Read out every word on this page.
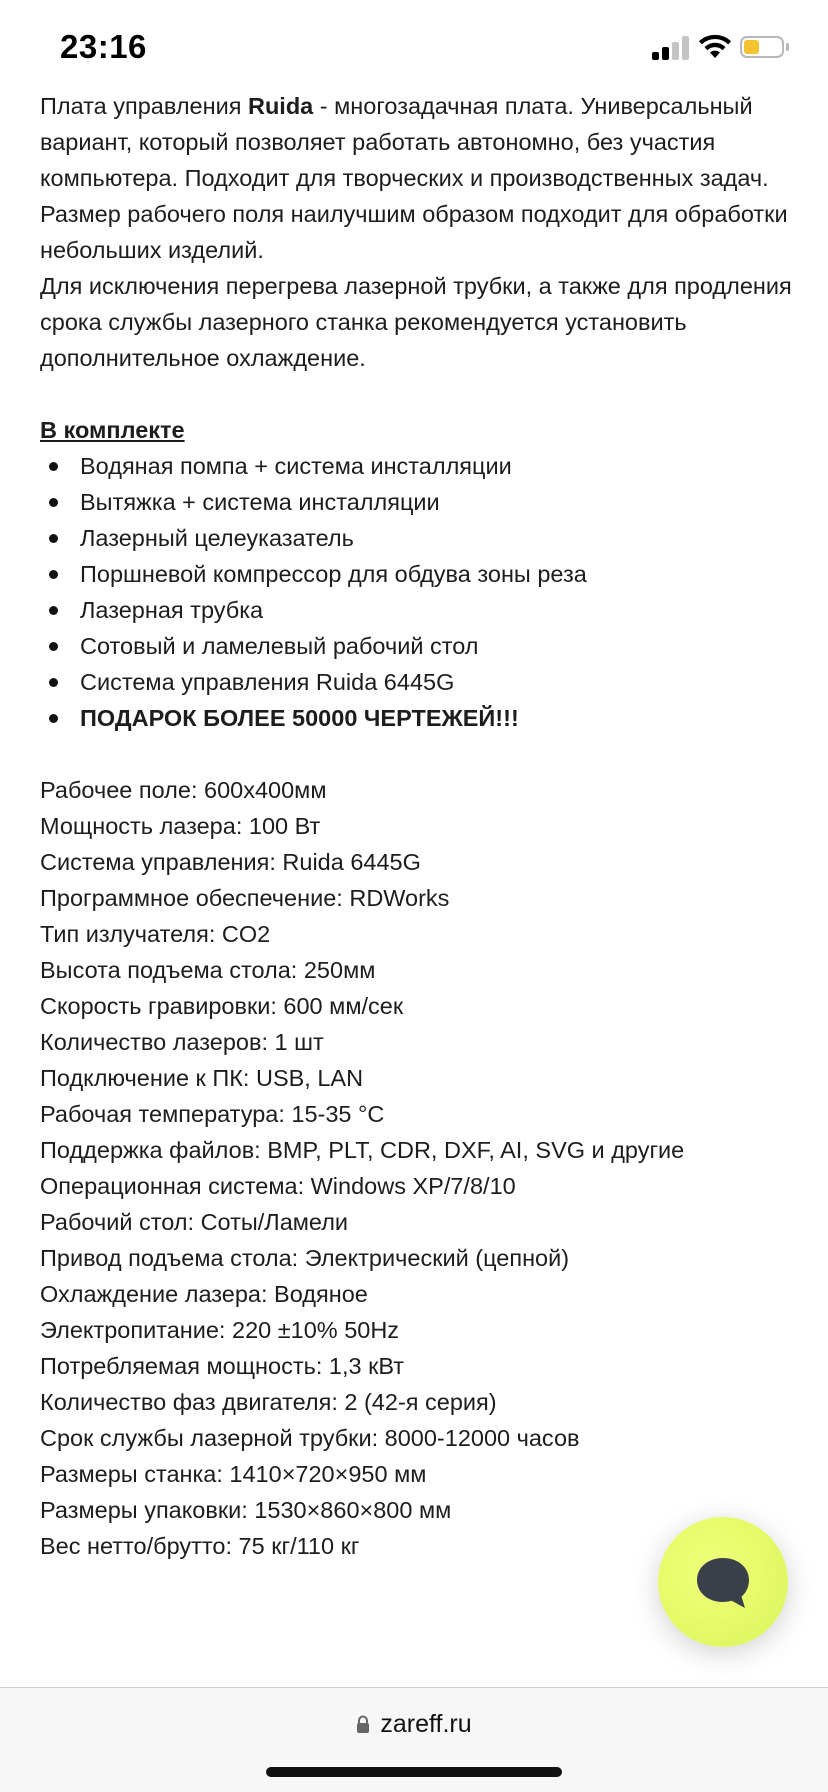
23:16

Плата управления Ruida - многозадачная плата. Универсальный вариант, который позволяет работать автономно, без участия компьютера. Подходит для творческих и производственных задач. Размер рабочего поля наилучшим образом подходит для обработки небольших изделий.

Для исключения перегрева лазерной трубки, а также для продления срока службы лазерного станка рекомендуется установить дополнительное охлаждение.

В комплекте

Водяная помпа + система инсталляции
Вытяжка + система инсталляции
Лазерный целеуказатель
Поршневой компрессор для обдува зоны реза
Лазерная трубка
Сотовый и ламелевый рабочий стол
Система управления Ruida 6445G
ПОДАРОК БОЛЕЕ 50000 ЧЕРТЕЖЕЙ!!!

Рабочее поле: 600х400мм

Мощность лазера: 100 Вт

Система управления: Ruida 6445G

Программное обеспечение: RDWorks

Тип излучателя: CO2

Высота подъема стола: 250мм

Скорость гравировки: 600 мм/сек

Количество лазеров: 1 шт

Подключение к ПК: USB, LAN

Рабочая температура: 15-35 °С

Поддержка файлов: BMP, PLT, CDR, DXF, AI, SVG и другие

Операционная система: Windows XP/7/8/10

Рабочий стол: Соты/Ламели

Привод подъема стола: Электрический (цепной)

Охлаждение лазера: Водяное

Электропитание: 220 ±10% 50Hz

Потребляемая мощность: 1,3 кВт

Количество фаз двигателя: 2 (42-я серия)

Срок службы лазерной трубки: 8000-12000 часов

Размеры станка: 1410×720×950 мм

Размеры упаковки: 1530×860×800 мм

Вес нетто/брутто: 75 кг/110 кг

zareff.ru
